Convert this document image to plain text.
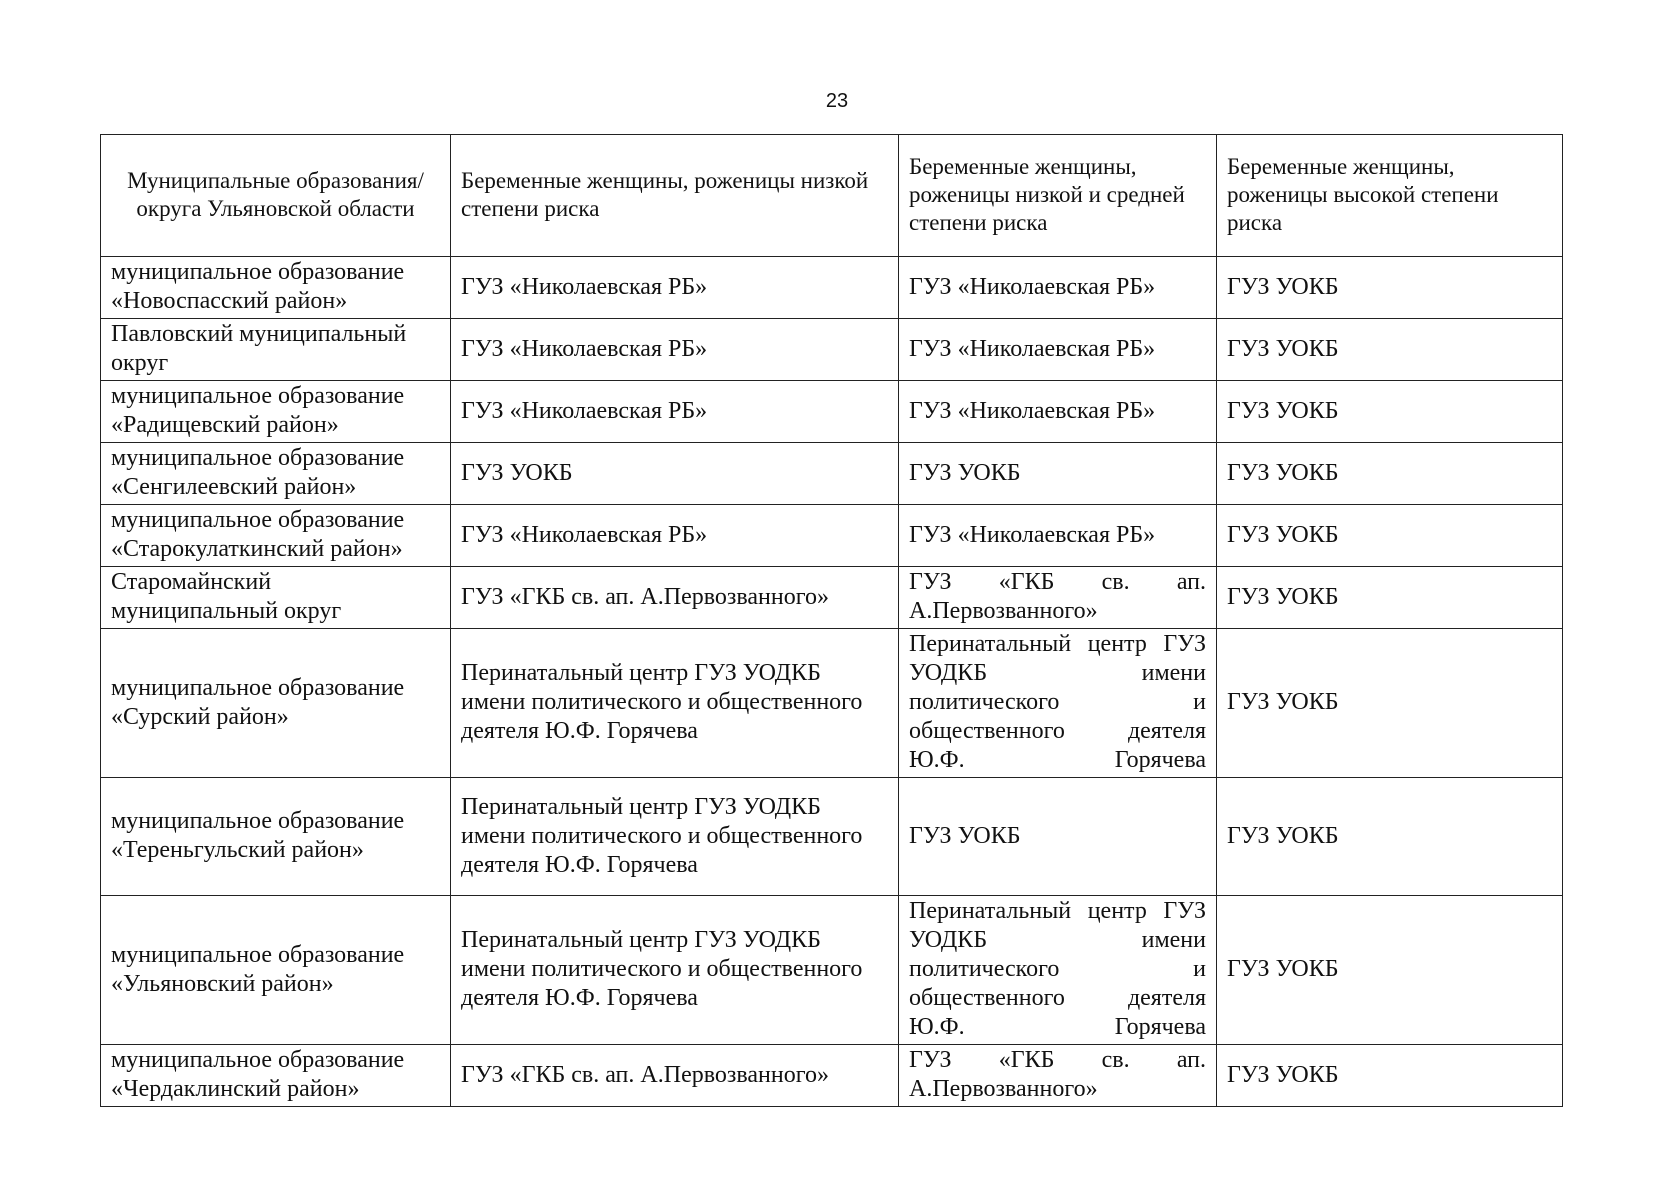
23
Муниципальные образования/округа Ульяновской области	Беременные женщины, роженицы низкой степени риска	Беременные женщины, роженицы низкой и средней степени риска	Беременные женщины, роженицы высокой степени риска
муниципальное образование «Новоспасский район»	ГУЗ «Николаевская РБ»	ГУЗ «Николаевская РБ»	ГУЗ УОКБ
Павловский муниципальный округ	ГУЗ «Николаевская РБ»	ГУЗ «Николаевская РБ»	ГУЗ УОКБ
муниципальное образование «Радищевский район»	ГУЗ «Николаевская РБ»	ГУЗ «Николаевская РБ»	ГУЗ УОКБ
муниципальное образование «Сенгилеевский район»	ГУЗ УОКБ	ГУЗ УОКБ	ГУЗ УОКБ
муниципальное образование «Старокулаткинский район»	ГУЗ «Николаевская РБ»	ГУЗ «Николаевская РБ»	ГУЗ УОКБ
Старомайнский муниципальный округ	ГУЗ «ГКБ св. ап. А.Первозванного»	ГУЗ «ГКБ св. ап. А.Первозванного»	ГУЗ УОКБ
муниципальное образование «Сурский район»	Перинатальный центр ГУЗ УОДКБ имени политического и общественного деятеля Ю.Ф. Горячева	Перинатальный центр ГУЗ УОДКБ имени политического и общественного деятеля Ю.Ф. Горячева	ГУЗ УОКБ
муниципальное образование «Тереньгульский район»	Перинатальный центр ГУЗ УОДКБ имени политического и общественного деятеля Ю.Ф. Горячева	ГУЗ УОКБ	ГУЗ УОКБ
муниципальное образование «Ульяновский район»	Перинатальный центр ГУЗ УОДКБ имени политического и общественного деятеля Ю.Ф. Горячева	Перинатальный центр ГУЗ УОДКБ имени политического и общественного деятеля Ю.Ф. Горячева	ГУЗ УОКБ
муниципальное образование «Чердаклинский район»	ГУЗ «ГКБ св. ап. А.Первозванного»	ГУЗ «ГКБ св. ап. А.Первозванного»	ГУЗ УОКБ
